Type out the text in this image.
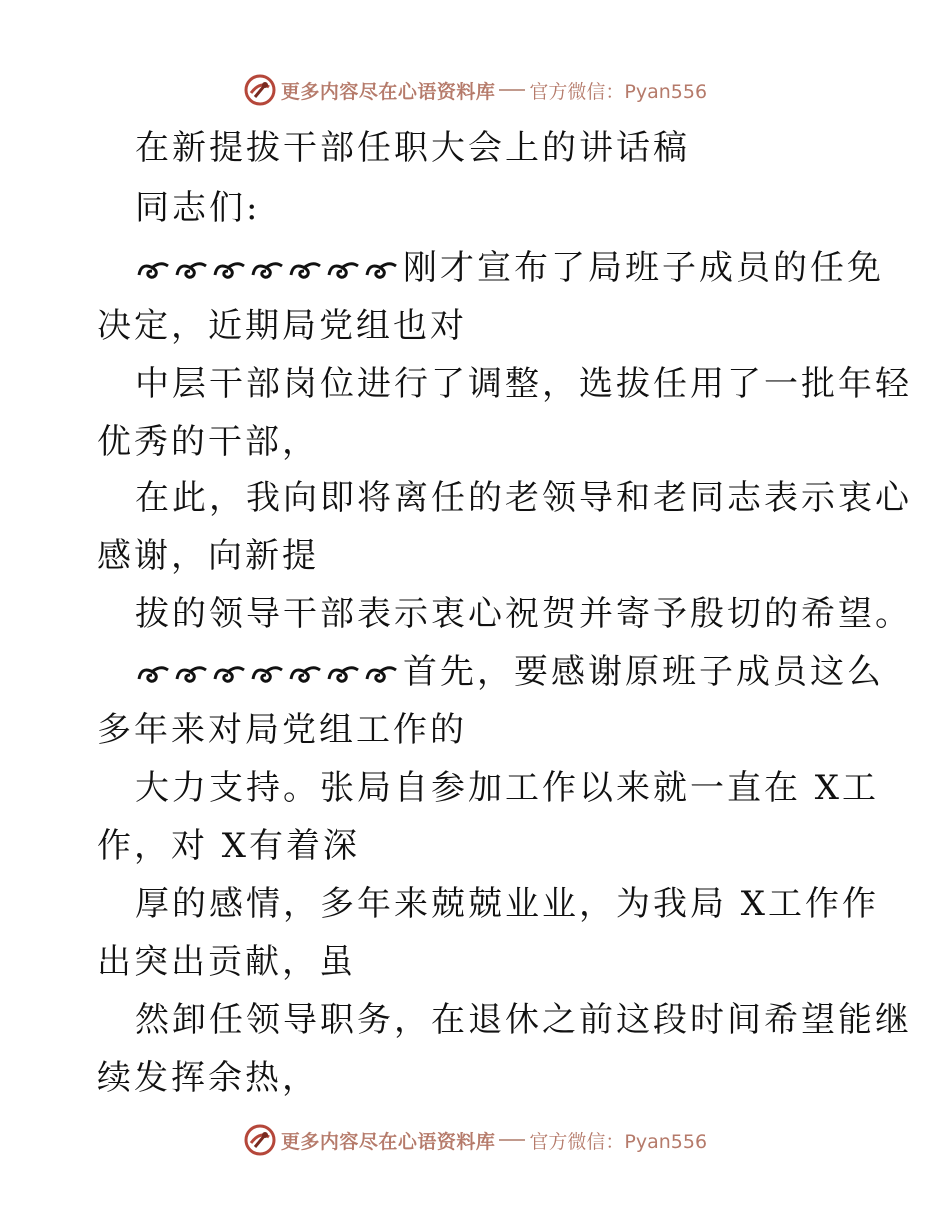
更多内容尽在心语资料库 官方微信：Pyan556
在新提拔干部任职大会上的讲话稿
同志们:
刚才宣布了局班子成员的任免
决定，近期局党组也对
中层干部岗位进行了调整，选拔任用了一批年轻
优秀的干部，
在此，我向即将离任的老领导和老同志表示衷心
感谢，向新提
拔的领导干部表示衷心祝贺并寄予殷切的希望。
首先，要感谢原班子成员这么
多年来对局党组工作的
大力支持。张局自参加工作以来就一直在 X工
作，对 X有着深
厚的感情，多年来兢兢业业，为我局 X工作作
出突出贡献，虽
然卸任领导职务，在退休之前这段时间希望能继
续发挥余热，
更多内容尽在心语资料库 官方微信：Pyan556
